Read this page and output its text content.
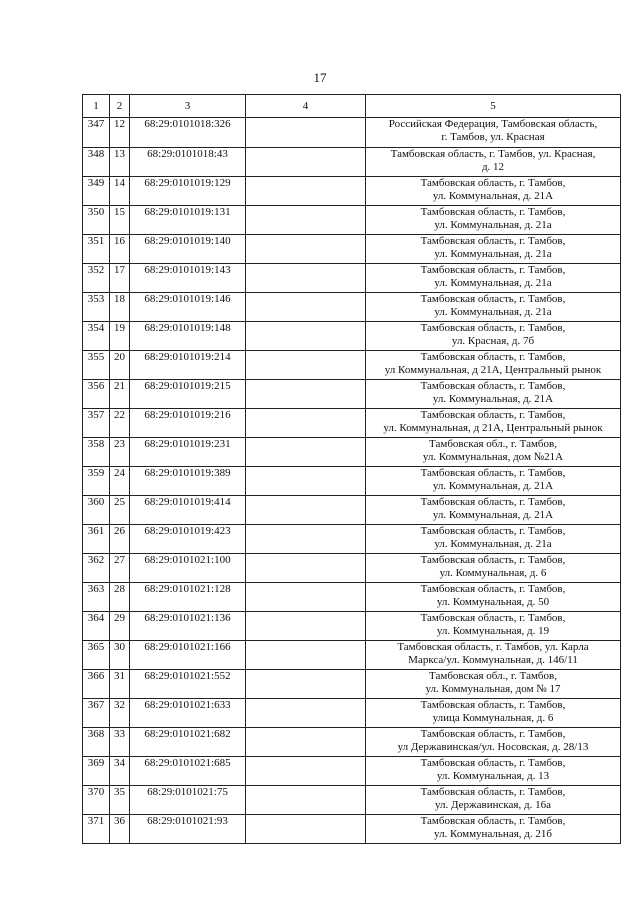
17
1	2	3	4	5
347	12	68:29:0101018:326		Российская Федерация, Тамбовская область,
г. Тамбов, ул. Красная

348	13	68:29:0101018:43		Тамбовская область, г. Тамбов, ул. Красная,
д. 12

349	14	68:29:0101019:129		Тамбовская область, г. Тамбов,
ул. Коммунальная, д. 21А

350	15	68:29:0101019:131		Тамбовская область, г. Тамбов,
ул. Коммунальная, д. 21а

351	16	68:29:0101019:140		Тамбовская область, г. Тамбов,
ул. Коммунальная, д. 21а

352	17	68:29:0101019:143		Тамбовская область, г. Тамбов,
ул. Коммунальная, д. 21а

353	18	68:29:0101019:146		Тамбовская область, г. Тамбов,
ул. Коммунальная, д. 21а

354	19	68:29:0101019:148		Тамбовская область, г. Тамбов,
ул. Красная, д. 7б

355	20	68:29:0101019:214		Тамбовская область, г. Тамбов,
ул Коммунальная, д 21А, Центральный рынок

356	21	68:29:0101019:215		Тамбовская область, г. Тамбов,
ул. Коммунальная, д. 21А

357	22	68:29:0101019:216		Тамбовская область, г. Тамбов,
ул. Коммунальная, д 21А, Центральный рынок

358	23	68:29:0101019:231		Тамбовская обл., г. Тамбов,
ул. Коммунальная, дом №21А

359	24	68:29:0101019:389		Тамбовская область, г. Тамбов,
ул. Коммунальная, д. 21А

360	25	68:29:0101019:414		Тамбовская область, г. Тамбов,
ул. Коммунальная, д. 21А

361	26	68:29:0101019:423		Тамбовская область, г. Тамбов,
ул. Коммунальная, д. 21а

362	27	68:29:0101021:100		Тамбовская область, г. Тамбов,
ул. Коммунальная, д. 6

363	28	68:29:0101021:128		Тамбовская область, г. Тамбов,
ул. Коммунальная, д. 50

364	29	68:29:0101021:136		Тамбовская область, г. Тамбов,
ул. Коммунальная, д. 19

365	30	68:29:0101021:166		Тамбовская область, г. Тамбов, ул. Карла
Маркса/ул. Коммунальная, д. 146/11

366	31	68:29:0101021:552		Тамбовская обл., г. Тамбов,
ул. Коммунальная, дом № 17

367	32	68:29:0101021:633		Тамбовская область, г. Тамбов,
улица Коммунальная, д. 6

368	33	68:29:0101021:682		Тамбовская область, г. Тамбов,
ул Державинская/ул. Носовская, д. 28/13

369	34	68:29:0101021:685		Тамбовская область, г. Тамбов,
ул. Коммунальная, д. 13

370	35	68:29:0101021:75		Тамбовская область, г. Тамбов,
ул. Державинская, д. 16а

371	36	68:29:0101021:93		Тамбовская область, г. Тамбов,
ул. Коммунальная, д. 21б
